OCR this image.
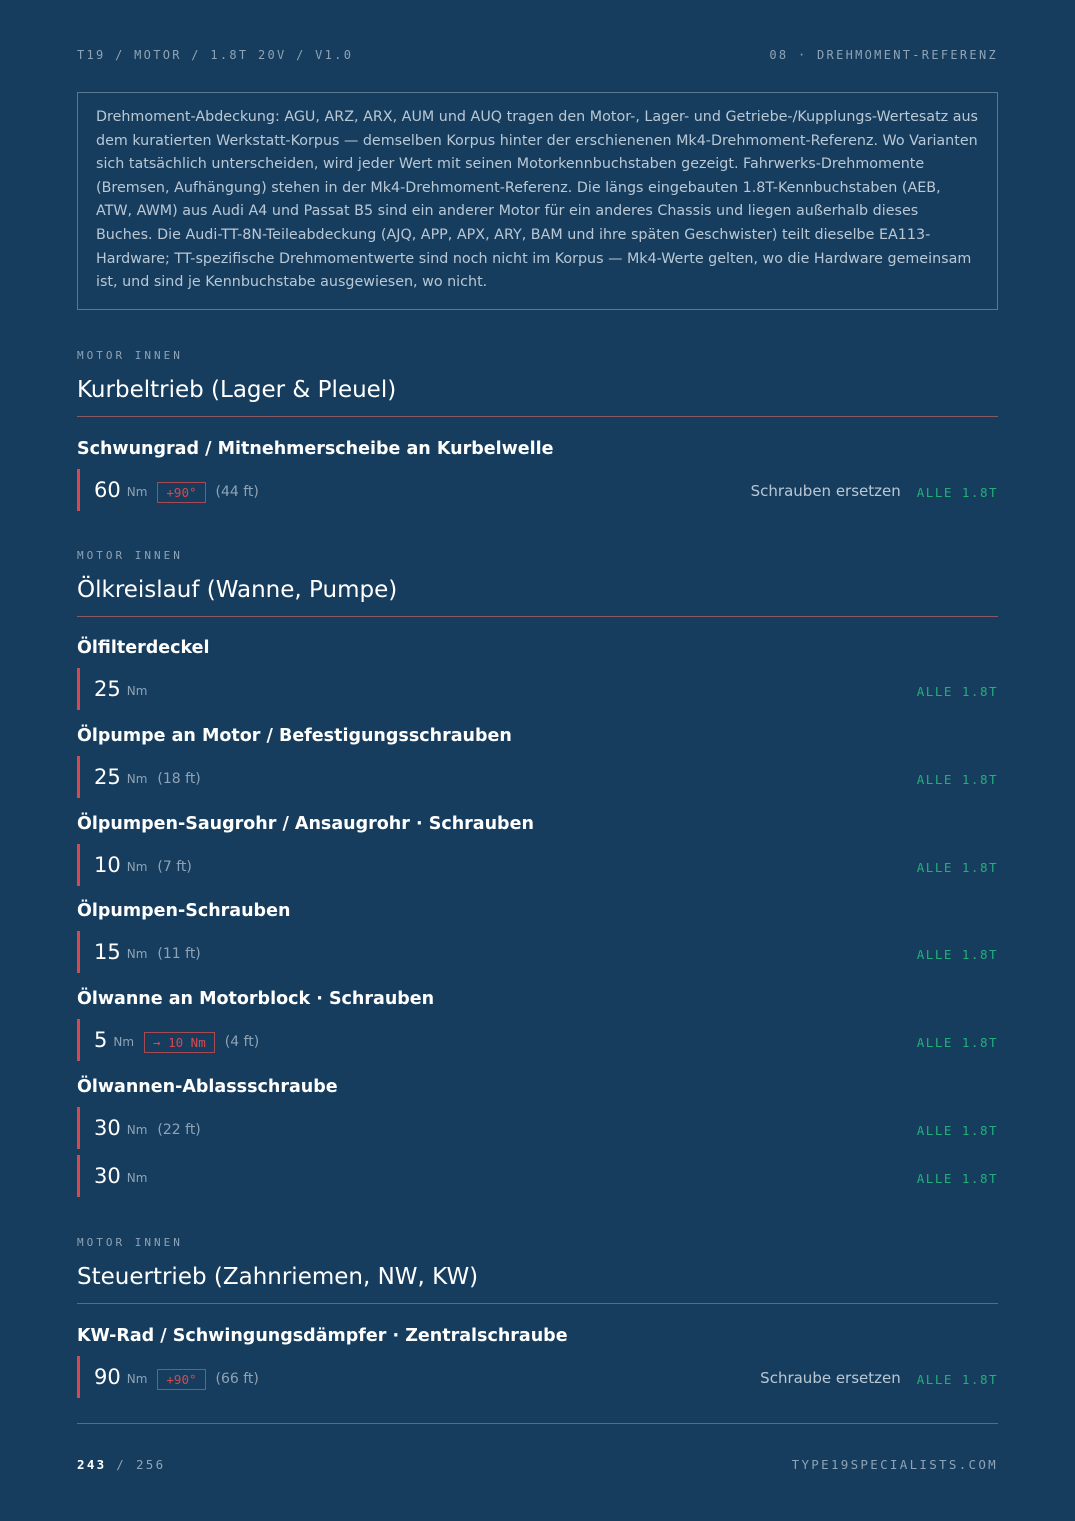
T19 / MOTOR / 1.8T 20V / V1.0	08 · DREHMOMENT-REFERENZ
Drehmoment-Abdeckung: AGU, ARZ, ARX, AUM und AUQ tragen den Motor-, Lager- und Getriebe-/Kupplungs-Wertesatz aus dem kuratierten Werkstatt-Korpus — demselben Korpus hinter der erschienenen Mk4-Drehmoment-Referenz. Wo Varianten sich tatsächlich unterscheiden, wird jeder Wert mit seinen Motorkennbuchstaben gezeigt. Fahrwerks-Drehmomente (Bremsen, Aufhängung) stehen in der Mk4-Drehmoment-Referenz. Die längs eingebauten 1.8T-Kennbuchstaben (AEB, ATW, AWM) aus Audi A4 und Passat B5 sind ein anderer Motor für ein anderes Chassis und liegen außerhalb dieses Buches. Die Audi-TT-8N-Teileabdeckung (AJQ, APP, APX, ARY, BAM und ihre späten Geschwister) teilt dieselbe EA113-Hardware; TT-spezifische Drehmomentwerte sind noch nicht im Korpus — Mk4-Werte gelten, wo die Hardware gemeinsam ist, und sind je Kennbuchstabe ausgewiesen, wo nicht.
MOTOR INNEN
Kurbeltrieb (Lager & Pleuel)
Schwungrad / Mitnehmerscheibe an Kurbelwelle
60 Nm	+90°	(44 ft)	Schrauben ersetzen ALLE 1.8T
MOTOR INNEN
Ölkreislauf (Wanne, Pumpe)
Ölfilterdeckel
25 Nm	ALLE 1.8T
Ölpumpe an Motor / Befestigungsschrauben
25 Nm (18 ft)	ALLE 1.8T
Ölpumpen-Saugrohr / Ansaugrohr · Schrauben
10 Nm (7 ft)	ALLE 1.8T
Ölpumpen-Schrauben
15 Nm (11 ft)	ALLE 1.8T
Ölwanne an Motorblock · Schrauben
5 Nm	→ 10 Nm	(4 ft)	ALLE 1.8T
Ölwannen-Ablassschraube
30 Nm (22 ft)	ALLE 1.8T
30 Nm	ALLE 1.8T
MOTOR INNEN
Steuertrieb (Zahnriemen, NW, KW)
KW-Rad / Schwingungsdämpfer · Zentralschraube
90 Nm	+90°	(66 ft)	Schraube ersetzen ALLE 1.8T
243 / 256	TYPE19SPECIALISTS.COM
